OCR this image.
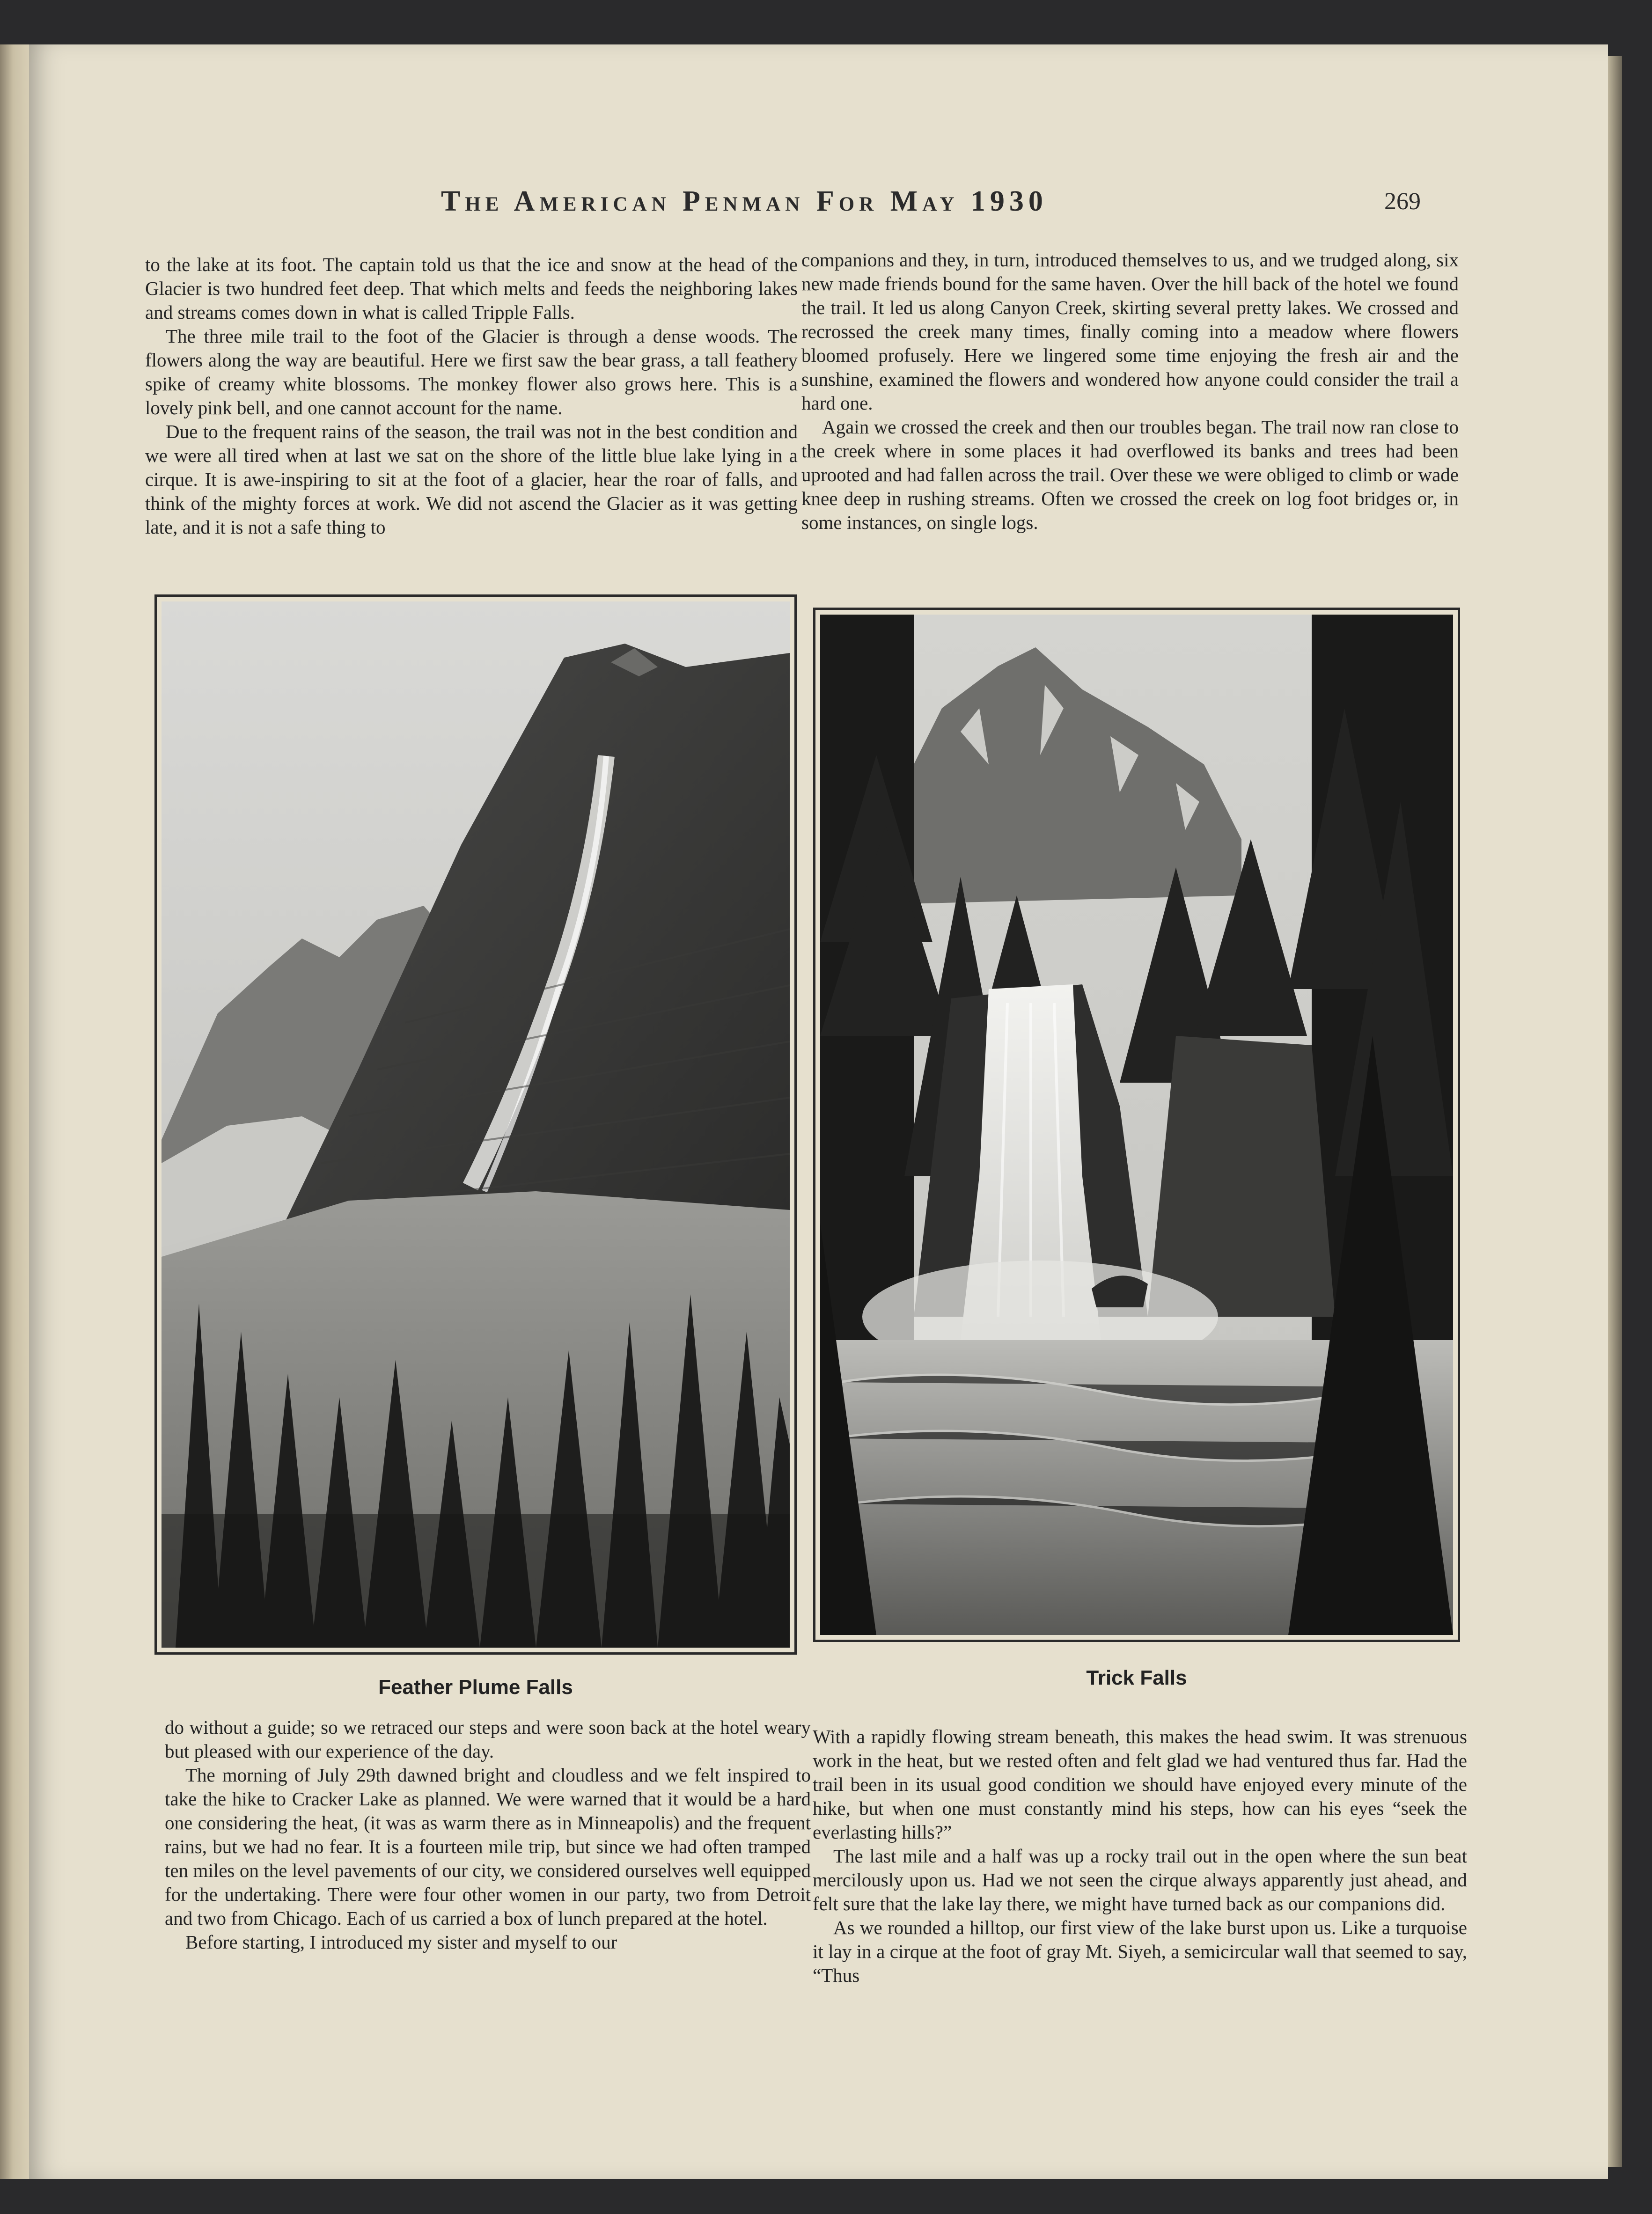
The American Penman For May 1930	269

to the lake at its foot. The captain told us that the ice and snow at the head of the Glacier is two hundred feet deep. That which melts and feeds the neighboring lakes and streams comes down in what is called Tripple Falls.

The three mile trail to the foot of the Glacier is through a dense woods. The flowers along the way are beautiful. Here we first saw the bear grass, a tall feathery spike of creamy white blossoms. The monkey flower also grows here. This is a lovely pink bell, and one cannot account for the name.

Due to the frequent rains of the season, the trail was not in the best condition and we were all tired when at last we sat on the shore of the little blue lake lying in a cirque. It is awe-inspiring to sit at the foot of a glacier, hear the roar of falls, and think of the mighty forces at work. We did not ascend the Glacier as it was getting late, and it is not a safe thing to

companions and they, in turn, introduced themselves to us, and we trudged along, six new made friends bound for the same haven. Over the hill back of the hotel we found the trail. It led us along Canyon Creek, skirting several pretty lakes. We crossed and recrossed the creek many times, finally coming into a meadow where flowers bloomed profusely. Here we lingered some time enjoying the fresh air and the sunshine, examined the flowers and wondered how anyone could consider the trail a hard one.

Again we crossed the creek and then our troubles began. The trail now ran close to the creek where in some places it had overflowed its banks and trees had been uprooted and had fallen across the trail. Over these we were obliged to climb or wade knee deep in rushing streams. Often we crossed the creek on log foot bridges or, in some instances, on single logs.

Feather Plume Falls	Trick Falls

do without a guide; so we retraced our steps and were soon back at the hotel weary but pleased with our experience of the day.

The morning of July 29th dawned bright and cloudless and we felt inspired to take the hike to Cracker Lake as planned. We were warned that it would be a hard one considering the heat, (it was as warm there as in Minneapolis) and the frequent rains, but we had no fear. It is a fourteen mile trip, but since we had often tramped ten miles on the level pavements of our city, we considered ourselves well equipped for the undertaking. There were four other women in our party, two from Detroit and two from Chicago. Each of us carried a box of lunch prepared at the hotel.

Before starting, I introduced my sister and myself to our

With a rapidly flowing stream beneath, this makes the head swim. It was strenuous work in the heat, but we rested often and felt glad we had ventured thus far. Had the trail been in its usual good condition we should have enjoyed every minute of the hike, but when one must constantly mind his steps, how can his eyes “seek the everlasting hills?”

The last mile and a half was up a rocky trail out in the open where the sun beat mercilously upon us. Had we not seen the cirque always apparently just ahead, and felt sure that the lake lay there, we might have turned back as our companions did.

As we rounded a hilltop, our first view of the lake burst upon us. Like a turquoise it lay in a cirque at the foot of gray Mt. Siyeh, a semicircular wall that seemed to say, “Thus
